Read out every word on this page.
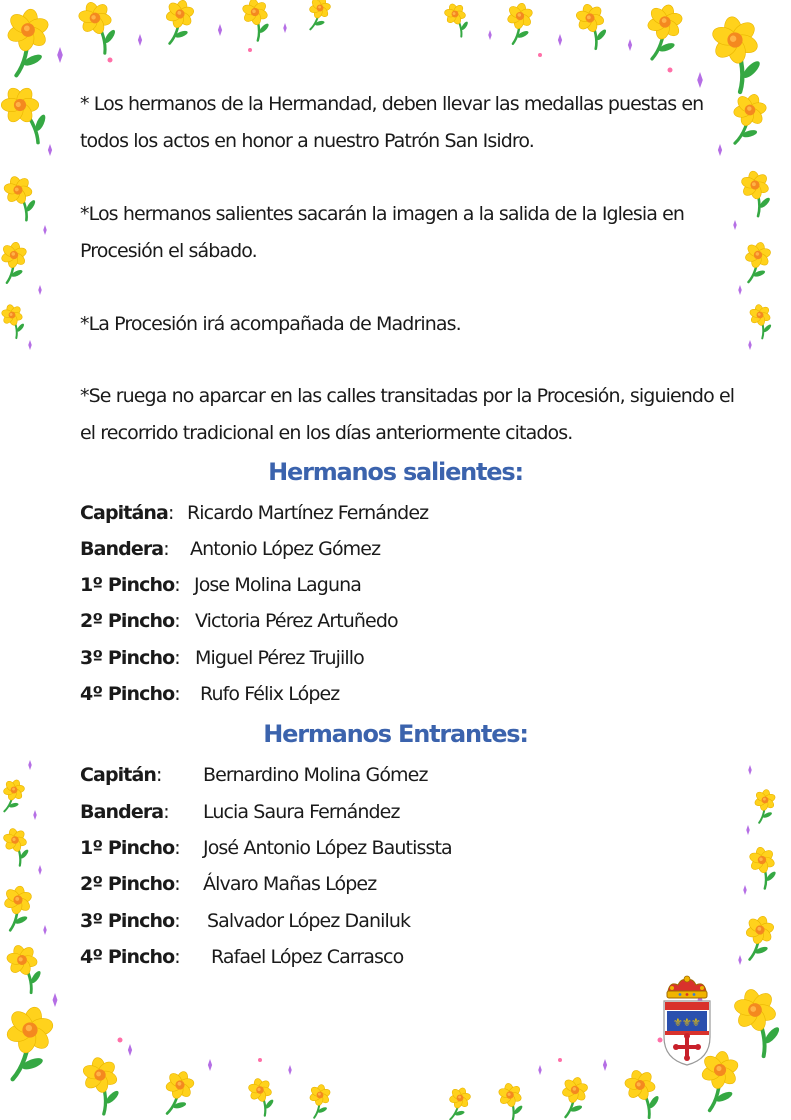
* Los hermanos de la Hermandad, deben llevar las medallas puestas en todos los actos en honor a nuestro Patrón San Isidro.

*Los hermanos salientes sacarán la imagen a la salida de la Iglesia en Procesión el sábado.

*La Procesión irá acompañada de Madrinas.

*Se ruega no aparcar en las calles transitadas por la Procesión, siguiendo el el recorrido tradicional en los días anteriormente citados.

Hermanos salientes:
Capitána: Ricardo Martínez Fernández
Bandera: Antonio López Gómez
1º Pincho: Jose Molina Laguna
2º Pincho: Victoria Pérez Artuñedo
3º Pincho: Miguel Pérez Trujillo
4º Pincho: Rufo Félix López
Hermanos Entrantes:
Capitán: Bernardino Molina Gómez
Bandera: Lucia Saura Fernández
1º Pincho: José Antonio López Bautissta
2º Pincho: Álvaro Mañas López
3º Pincho: Salvador López Daniluk
4º Pincho: Rafael López Carrasco
⚜ ⚜ ⚜
